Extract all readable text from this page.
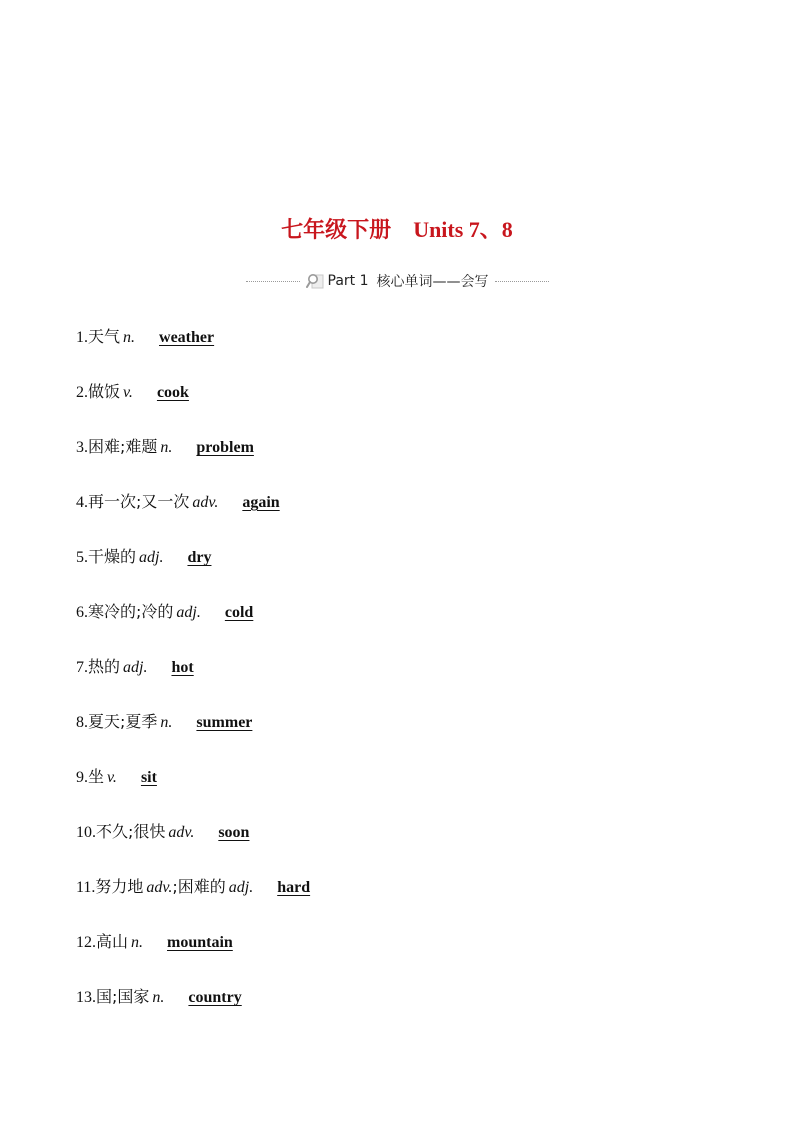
七年级下册 Units 7、8
Part 1 核心单词——会写
1.天气 n. weather
2.做饭 v. cook
3.困难;难题 n. problem
4.再一次;又一次 adv. again
5.干燥的 adj. dry
6.寒冷的;冷的 adj. cold
7.热的 adj. hot
8.夏天;夏季 n. summer
9.坐 v. sit
10.不久;很快 adv. soon
11.努力地 adv.;困难的 adj. hard
12.高山 n. mountain
13.国;国家 n. country
